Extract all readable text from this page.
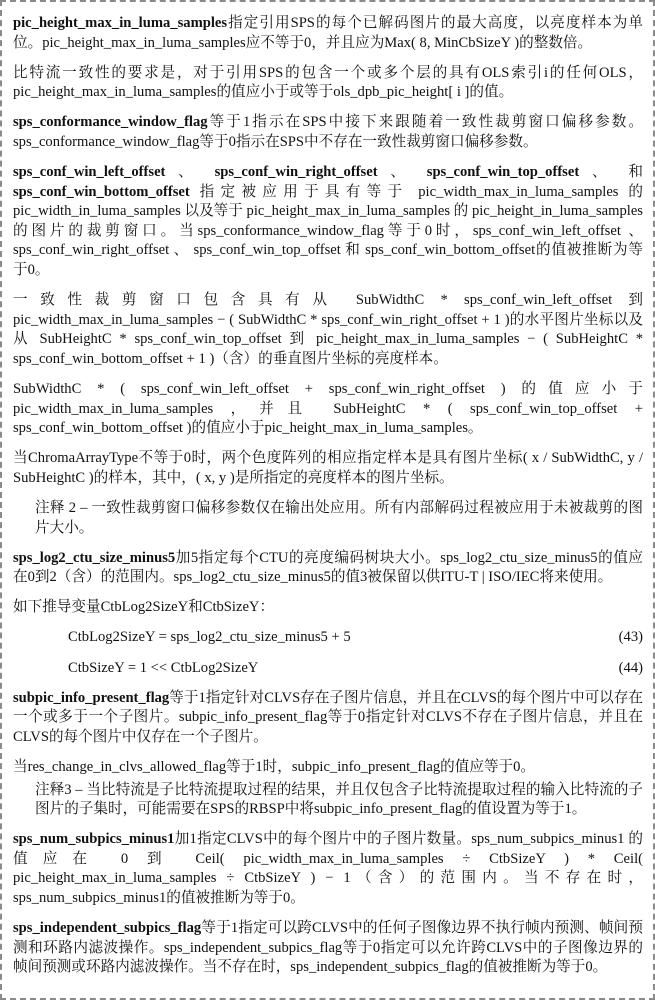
pic_height_max_in_luma_samples指定引用SPS的每个已解码图片的最大高度，以亮度样本为单位。pic_height_max_in_luma_samples应不等于0，并且应为Max( 8, MinCbSizeY )的整数倍。

比特流一致性的要求是，对于引用SPS的包含一个或多个层的具有OLS索引i的任何OLS，pic_height_max_in_luma_samples的值应小于或等于ols_dpb_pic_height[ i ]的值。

sps_conformance_window_flag等于1指示在SPS中接下来跟随着一致性裁剪窗口偏移参数。sps_conformance_window_flag等于0指示在SPS中不存在一致性裁剪窗口偏移参数。

sps_conf_win_left_offset 、 sps_conf_win_right_offset 、 sps_conf_win_top_offset 、 和 sps_conf_win_bottom_offset 指定被应用于具有等于 pic_width_max_in_luma_samples 的 pic_width_in_luma_samples 以及等于 pic_height_max_in_luma_samples 的 pic_height_in_luma_samples的图片的裁剪窗口。当sps_conformance_window_flag等于0时，sps_conf_win_left_offset 、 sps_conf_win_right_offset 、 sps_conf_win_top_offset 和 sps_conf_win_bottom_offset的值被推断为等于0。

一致性裁剪窗口包含具有从 SubWidthC * sps_conf_win_left_offset 到 pic_width_max_in_luma_samples − ( SubWidthC * sps_conf_win_right_offset + 1 )的水平图片坐标以及从 SubHeightC * sps_conf_win_top_offset 到 pic_height_max_in_luma_samples − ( SubHeightC * sps_conf_win_bottom_offset + 1 )（含）的垂直图片坐标的亮度样本。

SubWidthC * ( sps_conf_win_left_offset + sps_conf_win_right_offset ) 的值应小于 pic_width_max_in_luma_samples ，并且 SubHeightC * ( sps_conf_win_top_offset + sps_conf_win_bottom_offset )的值应小于pic_height_max_in_luma_samples。

当ChromaArrayType不等于0时，两个色度阵列的相应指定样本是具有图片坐标( x / SubWidthC, y / SubHeightC )的样本，其中，( x, y )是所指定的亮度样本的图片坐标。

注释 2 – 一致性裁剪窗口偏移参数仅在输出处应用。所有内部解码过程被应用于未被裁剪的图片大小。

sps_log2_ctu_size_minus5加5指定每个CTU的亮度编码树块大小。sps_log2_ctu_size_minus5的值应在0到2（含）的范围内。sps_log2_ctu_size_minus5的值3被保留以供ITU-T | ISO/IEC将来使用。

如下推导变量CtbLog2SizeY和CtbSizeY：

CtbLog2SizeY = sps_log2_ctu_size_minus5 + 5	(43)
CtbSizeY = 1 << CtbLog2SizeY	(44)

subpic_info_present_flag等于1指定针对CLVS存在子图片信息，并且在CLVS的每个图片中可以存在一个或多于一个子图片。subpic_info_present_flag等于0指定针对CLVS不存在子图片信息，并且在CLVS的每个图片中仅存在一个子图片。

当res_change_in_clvs_allowed_flag等于1时，subpic_info_present_flag的值应等于0。

注释3 – 当比特流是子比特流提取过程的结果，并且仅包含子比特流提取过程的输入比特流的子图片的子集时，可能需要在SPS的RBSP中将subpic_info_present_flag的值设置为等于1。

sps_num_subpics_minus1加1指定CLVS中的每个图片中的子图片数量。sps_num_subpics_minus1 的值应在 0 到 Ceil( pic_width_max_in_luma_samples ÷ CtbSizeY ) * Ceil( pic_height_max_in_luma_samples ÷ CtbSizeY ) − 1（含）的范围内。当不存在时，sps_num_subpics_minus1的值被推断为等于0。

sps_independent_subpics_flag等于1指定可以跨CLVS中的任何子图像边界不执行帧内预测、帧间预测和环路内滤波操作。sps_independent_subpics_flag等于0指定可以允许跨CLVS中的子图像边界的帧间预测或环路内滤波操作。当不存在时，sps_independent_subpics_flag的值被推断为等于0。
